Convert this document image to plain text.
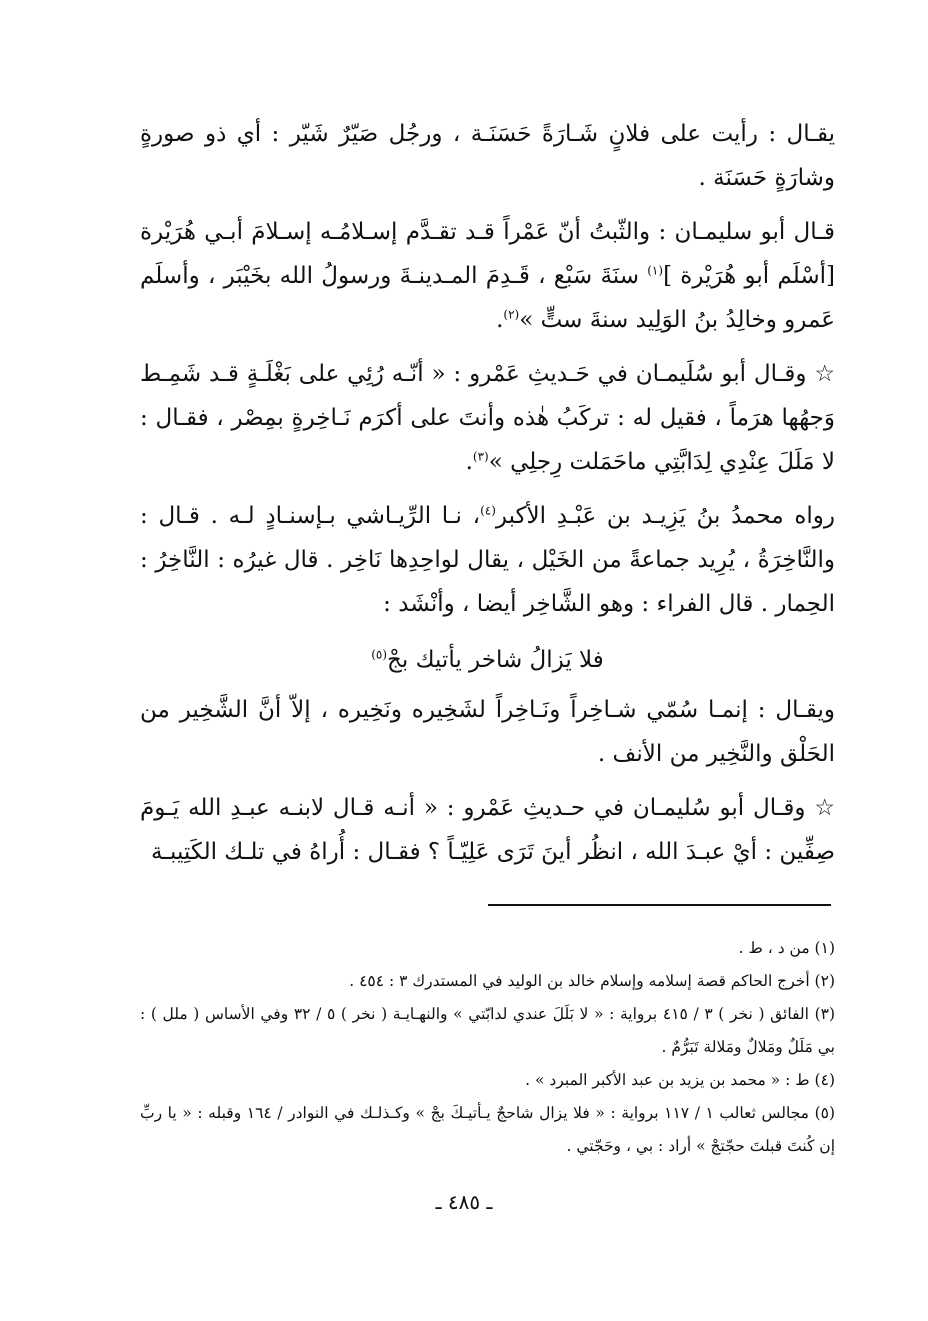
يقـال : رأيت على فلانٍ شَـارَةً حَسَنَـة ، ورجُل صَيّرٌ شَيّر : أي ذو صورةٍ وشارَةٍ حَسَنَة .

قـال أبو سليمـان : والثّبتُ أنّ عَمْراً قـد تقـدَّم إسـلامُـه إسـلامَ أبـي هُرَيْرة [أسْلَم أبو هُرَيْرة ]$^{(١)}$ سنَةَ سَبْع ، قَـدِمَ المـدينـةَ ورسولُ الله بخَيْبَر ، وأسلَم عَمرو وخالِدُ بنُ الوَلِيد سنةَ ستٍّ »$^{(٢)}$.

☆ وقـال أبو سُلَيمـان في حَـديثِ عَمْرو : « أنّـه رُئِي على بَغْلَـةٍ قـد شَمِـط وَجهُها هرَماً ، فقيل له : تركَبُ هٰذه وأنتَ على أكرَم نَـاخِرةٍ بمِصْر ، فقـال : لا مَلَلَ عِنْدِي لِدَابَّتِي ماحَمَلت رِجلِي »$^{(٣)}$.

رواه محمدُ بنُ يَزِيـد بن عَبْـدِ الأكبر$^{(٤)}$، نـا الرِّيـاشي بـإسنـادٍ لـه . قـال : والنَّاخِرَةُ ، يُرِيد جماعةً من الخَيْل ، يقال لواحِدِها نَاخِر . قال غيرُه : النَّاخِرُ : الحِمار . قال الفراء : وهو الشَّاخِر أيضا ، وأنْشَد :

فلا يَزالُ شاخر يأتيك بجْ$^{(٥)}$

ويقـال : إنمـا سُمّي شـاخِراً ونَـاخِراً لشَخِيره ونَخِيره ، إلاّ أنَّ الشَّخِير من الحَلْق والنَّخِير من الأنف .

☆ وقـال أبو سُليمـان في حـديثِ عَمْرو : « أنـه قـال لابنـه عبـدِ الله يَـومَ صِفِّين : أيْ عبـدَ الله ، انظُر أينَ تَرَى عَلِيّـاً ؟ فقـال : أُراهُ في تلـك الكَتِيبـة

(١) من د ، ط .

(٢) أخرج الحاكم قصة إسلامه وإسلام خالد بن الوليد في المستدرك ٣ : ٤٥٤ .

(٣) الفائق ( نخر ) ٣ / ٤١٥ برواية : « لا بَلَلَ عندي لدابّتي » والنهـايـة ( نخر ) ٥ / ٣٢ وفي الأساس ( ملل ) : بي مَلَلٌ ومَلالٌ ومَلالة تَبَرُّمٌ .

(٤) ط : « محمد بن يزيد بن عبد الأكبر المبرد » .

(٥) مجالس ثعالب ١ / ١١٧ برواية : « فلا يزال شاحجٌ يـأتيـكَ بجْ » وكـذلـك في النوادر / ١٦٤ وقبله : « يا ربِّ إن كُنتَ قبلتَ حجّتجْ » أراد : بي ، وحَجّتي .

ـ ٤٨٥ ـ
